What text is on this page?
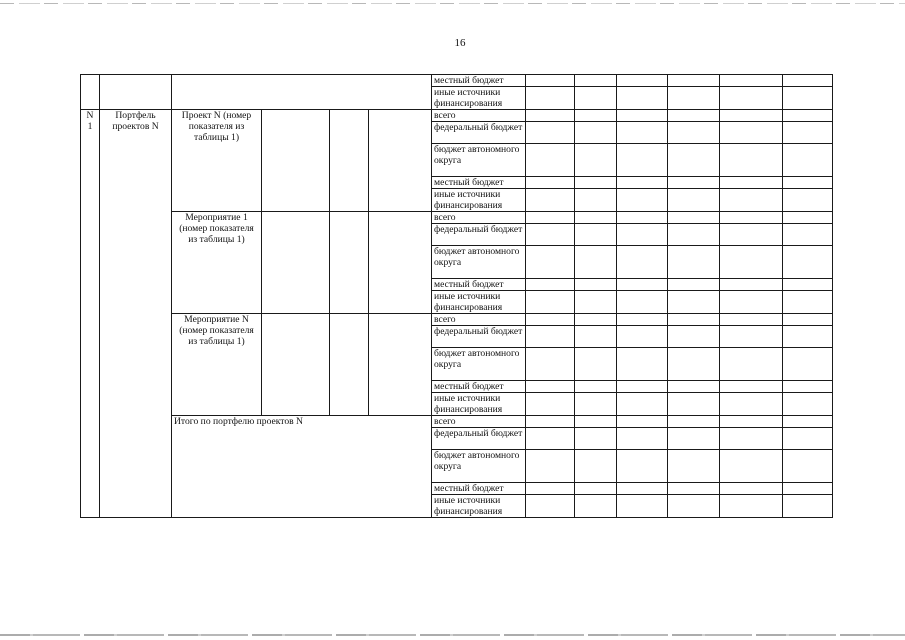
16
						местный бюджет						
						иные источники финансирования						
N 1	Портфель проектов N	Проект N (номер показателя из таблицы 1)				всего						
						федеральный бюджет						
						бюджет автономного округа						
						местный бюджет						
						иные источники финансирования						
		Мероприятие 1 (номер показателя из таблицы 1)				всего						
						федеральный бюджет						
						бюджет автономного округа						
						местный бюджет						
						иные источники финансирования						
		Мероприятие N (номер показателя из таблицы 1)				всего						
						федеральный бюджет						
						бюджет автономного округа						
						местный бюджет						
						иные источники финансирования						
		Итого по портфелю проектов N				всего						
						федеральный бюджет						
						бюджет автономного округа						
						местный бюджет						
						иные источники финансирования						
